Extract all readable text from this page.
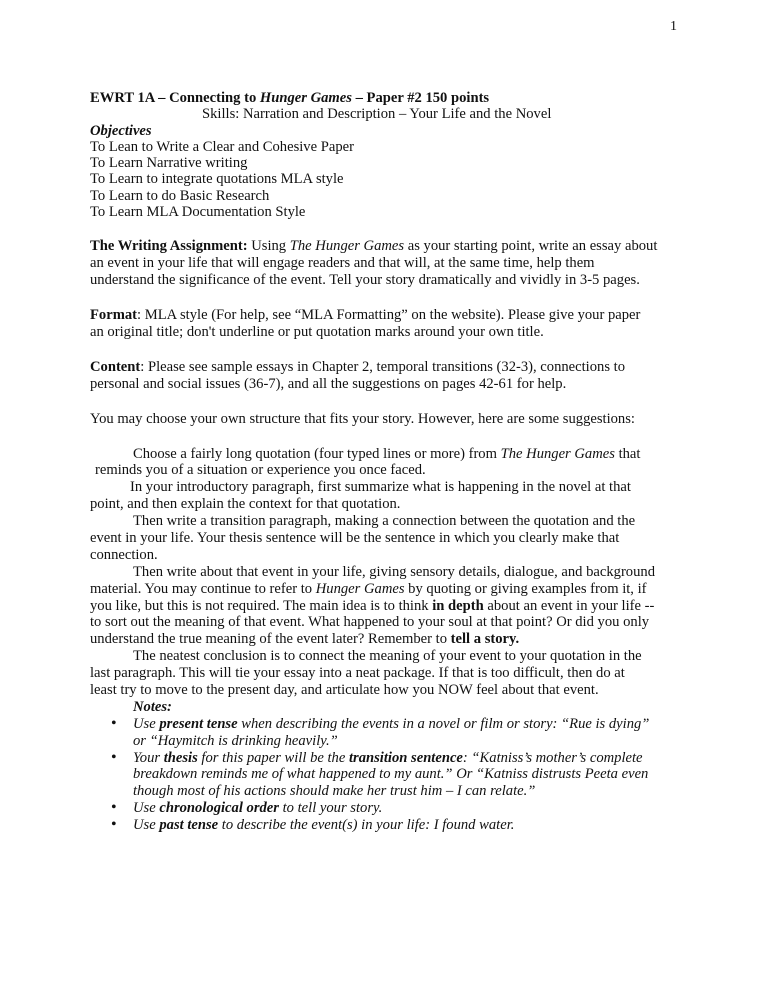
1
EWRT 1A – Connecting to Hunger Games – Paper #2 150 points
Skills: Narration and Description – Your Life and the Novel
Objectives
To Lean to Write a Clear and Cohesive Paper
To Learn Narrative writing
To Learn to integrate quotations MLA style
To Learn to do Basic Research
To Learn MLA Documentation Style
The Writing Assignment: Using The Hunger Games as your starting point, write an essay about
an event in your life that will engage readers and that will, at the same time, help them
understand the significance of the event. Tell your story dramatically and vividly in 3-5 pages.
Format: MLA style (For help, see “MLA Formatting” on the website). Please give your paper
an original title; don't underline or put quotation marks around your own title.
Content: Please see sample essays in Chapter 2, temporal transitions (32-3), connections to
personal and social issues (36-7), and all the suggestions on pages 42-61 for help.
You may choose your own structure that fits your story. However, here are some suggestions:
Choose a fairly long quotation (four typed lines or more) from The Hunger Games that
reminds you of a situation or experience you once faced.
In your introductory paragraph, first summarize what is happening in the novel at that
point, and then explain the context for that quotation.
Then write a transition paragraph, making a connection between the quotation and the
event in your life. Your thesis sentence will be the sentence in which you clearly make that
connection.
Then write about that event in your life, giving sensory details, dialogue, and background
material. You may continue to refer to Hunger Games by quoting or giving examples from it, if
you like, but this is not required. The main idea is to think in depth about an event in your life --
to sort out the meaning of that event. What happened to your soul at that point? Or did you only
understand the true meaning of the event later? Remember to tell a story.
The neatest conclusion is to connect the meaning of your event to your quotation in the
last paragraph. This will tie your essay into a neat package. If that is too difficult, then do at
least try to move to the present day, and articulate how you NOW feel about that event.
Notes:
• Use present tense when describing the events in a novel or film or story: “Rue is dying”
or “Haymitch is drinking heavily.”
• Your thesis for this paper will be the transition sentence: “Katniss’s mother’s complete
breakdown reminds me of what happened to my aunt.” Or “Katniss distrusts Peeta even
though most of his actions should make her trust him – I can relate.”
• Use chronological order to tell your story.
• Use past tense to describe the event(s) in your life: I found water.
